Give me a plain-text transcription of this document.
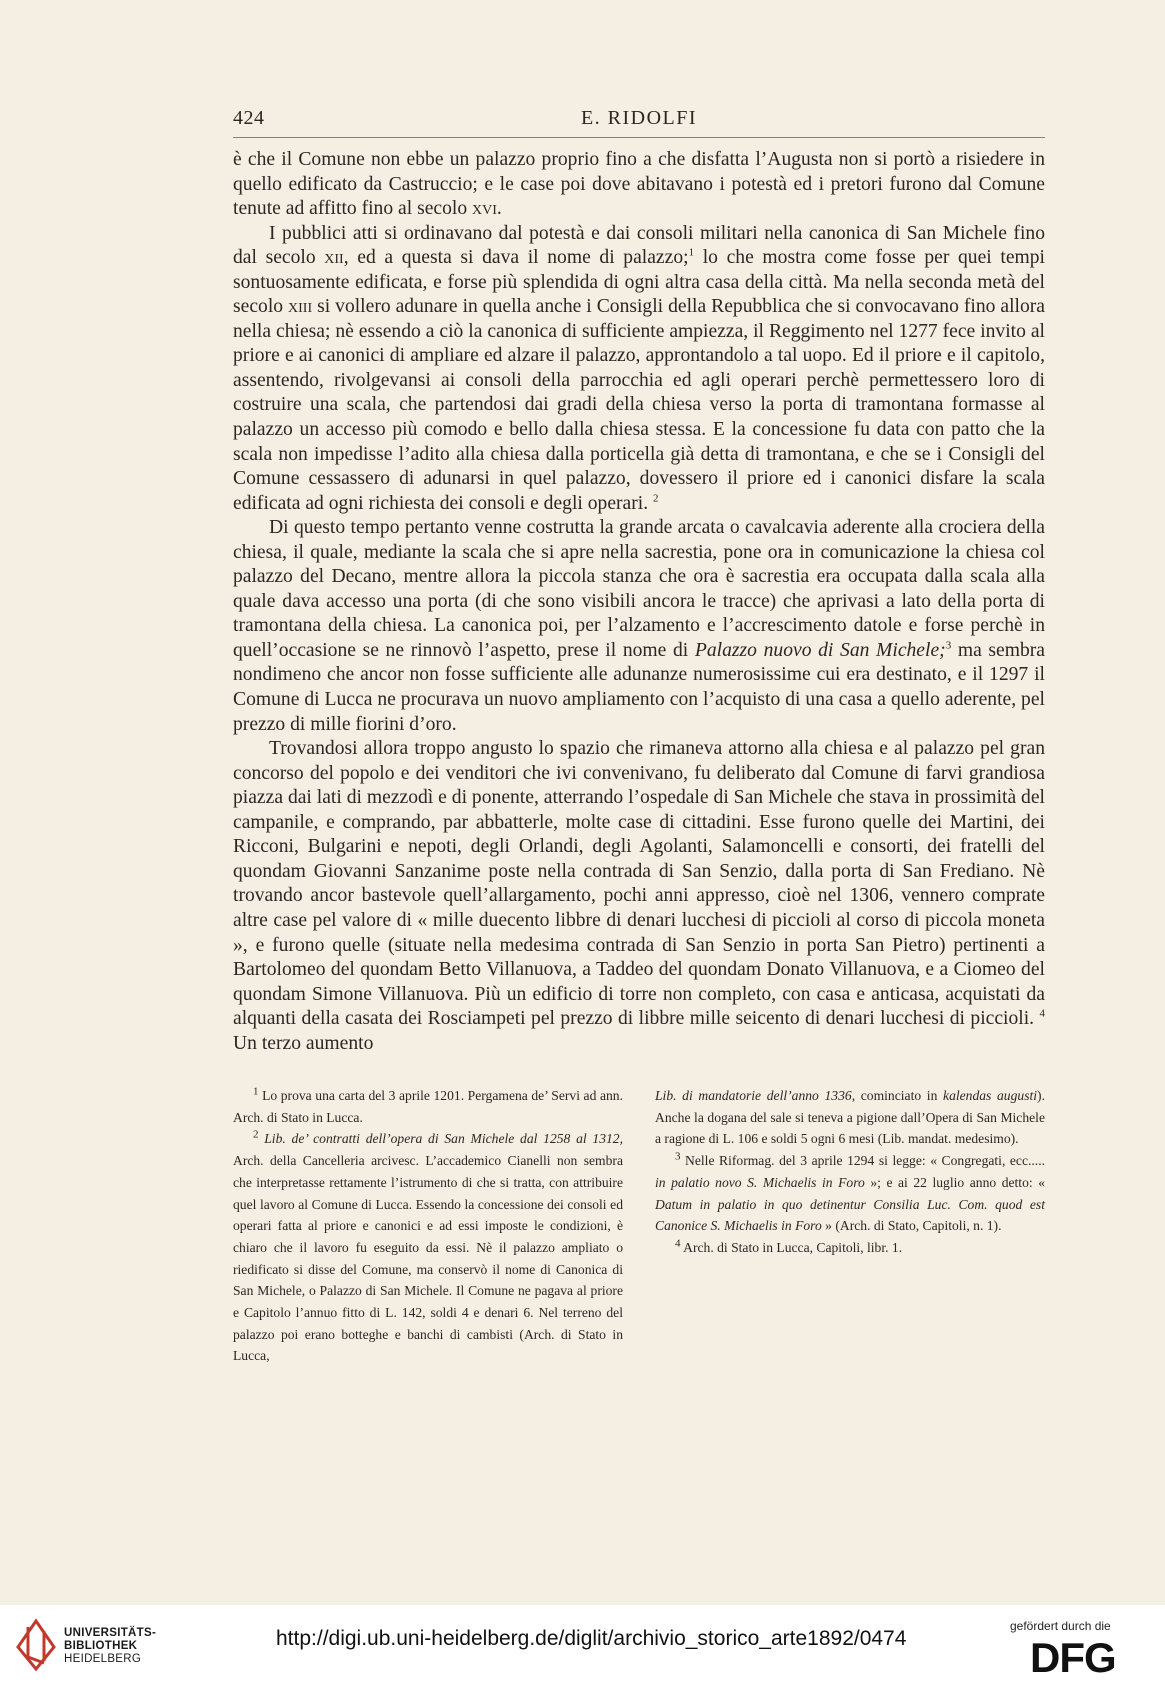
424	E. RIDOLFI

è che il Comune non ebbe un palazzo proprio fino a che disfatta l’Augusta non si portò a risiedere in quello edificato da Castruccio; e le case poi dove abitavano i potestà ed i pretori furono dal Comune tenute ad affitto fino al secolo xvi.

I pubblici atti si ordinavano dal potestà e dai consoli militari nella canonica di San Michele fino dal secolo xii, ed a questa si dava il nome di palazzo;$^1$ lo che mostra come fosse per quei tempi sontuosamente edificata, e forse più splendida di ogni altra casa della città. Ma nella seconda metà del secolo xiii si vollero adunare in quella anche i Consigli della Repubblica che si convocavano fino allora nella chiesa; nè essendo a ciò la canonica di sufficiente ampiezza, il Reggimento nel 1277 fece invito al priore e ai canonici di ampliare ed alzare il palazzo, approntandolo a tal uopo. Ed il priore e il capitolo, assentendo, rivolgevansi ai consoli della parrocchia ed agli operari perchè permettessero loro di costruire una scala, che partendosi dai gradi della chiesa verso la porta di tramontana formasse al palazzo un accesso più comodo e bello dalla chiesa stessa. E la concessione fu data con patto che la scala non impedisse l’adito alla chiesa dalla porticella già detta di tramontana, e che se i Consigli del Comune cessassero di adunarsi in quel palazzo, dovessero il priore ed i canonici disfare la scala edificata ad ogni richiesta dei consoli e degli operari. $^2$

Di questo tempo pertanto venne costrutta la grande arcata o cavalcavia aderente alla crociera della chiesa, il quale, mediante la scala che si apre nella sacrestia, pone ora in comunicazione la chiesa col palazzo del Decano, mentre allora la piccola stanza che ora è sacrestia era occupata dalla scala alla quale dava accesso una porta (di che sono visibili ancora le tracce) che aprivasi a lato della porta di tramontana della chiesa. La canonica poi, per l’alzamento e l’accrescimento datole e forse perchè in quell’occasione se ne rinnovò l’aspetto, prese il nome di Palazzo nuovo di San Michele;$^3$ ma sembra nondimeno che ancor non fosse sufficiente alle adunanze numerosissime cui era destinato, e il 1297 il Comune di Lucca ne procurava un nuovo ampliamento con l’acquisto di una casa a quello aderente, pel prezzo di mille fiorini d’oro.

Trovandosi allora troppo angusto lo spazio che rimaneva attorno alla chiesa e al palazzo pel gran concorso del popolo e dei venditori che ivi convenivano, fu deliberato dal Comune di farvi grandiosa piazza dai lati di mezzodì e di ponente, atterrando l’ospedale di San Michele che stava in prossimità del campanile, e comprando, par abbatterle, molte case di cittadini. Esse furono quelle dei Martini, dei Ricconi, Bulgarini e nepoti, degli Orlandi, degli Agolanti, Salamoncelli e consorti, dei fratelli del quondam Giovanni Sanzanime poste nella contrada di San Senzio, dalla porta di San Frediano. Nè trovando ancor bastevole quell’allargamento, pochi anni appresso, cioè nel 1306, vennero comprate altre case pel valore di « mille duecento libbre di denari lucchesi di piccioli al corso di piccola moneta », e furono quelle (situate nella medesima contrada di San Senzio in porta San Pietro) pertinenti a Bartolomeo del quondam Betto Villanuova, a Taddeo del quondam Donato Villanuova, e a Ciomeo del quondam Simone Villanuova. Più un edificio di torre non completo, con casa e anticasa, acquistati da alquanti della casata dei Rosciampeti pel prezzo di libbre mille seicento di denari lucchesi di piccioli. $^4$ Un terzo aumento

$^1$ Lo prova una carta del 3 aprile 1201. Pergamena de’ Servi ad ann. Arch. di Stato in Lucca.

$^2$ Lib. de’ contratti dell’opera di San Michele dal 1258 al 1312, Arch. della Cancelleria arcivesc. L’accademico Cianelli non sembra che interpretasse rettamente l’istrumento di che si tratta, con attribuire quel lavoro al Comune di Lucca. Essendo la concessione dei consoli ed operari fatta al priore e canonici e ad essi imposte le condizioni, è chiaro che il lavoro fu eseguito da essi. Nè il palazzo ampliato o riedificato si disse del Comune, ma conservò il nome di Canonica di San Michele, o Palazzo di San Michele. Il Comune ne pagava al priore e Capitolo l’annuo fitto di L. 142, soldi 4 e denari 6. Nel terreno del palazzo poi erano botteghe e banchi di cambisti (Arch. di Stato in Lucca,

Lib. di mandatorie dell’anno 1336, cominciato in kalendas augusti). Anche la dogana del sale si teneva a pigione dall’Opera di San Michele a ragione di L. 106 e soldi 5 ogni 6 mesi (Lib. mandat. medesimo).

$^3$ Nelle Riformag. del 3 aprile 1294 si legge: « Congregati, ecc..... in palatio novo S. Michaelis in Foro »; e ai 22 luglio anno detto: « Datum in palatio in quo detinentur Consilia Luc. Com. quod est Canonice S. Michaelis in Foro » (Arch. di Stato, Capitoli, n. 1).

$^4$ Arch. di Stato in Lucca, Capitoli, libr. 1.

UNIVERSITÄTS-
BIBLIOTHEK
HEIDELBERG
http://digi.ub.uni-heidelberg.de/diglit/archivio_storico_arte1892/0474
gefördert durch die
DFG
